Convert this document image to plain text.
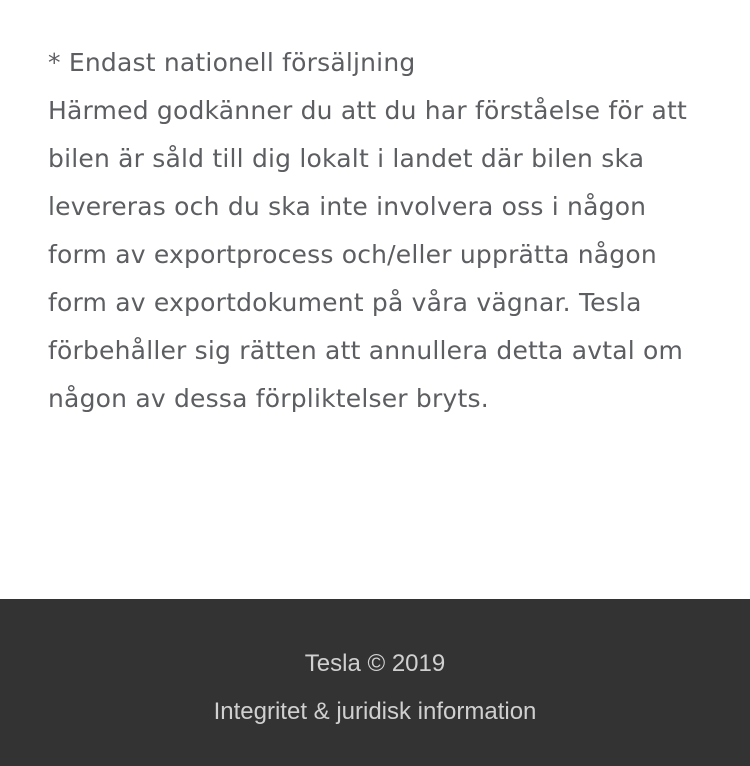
* Endast nationell försäljning

Härmed godkänner du att du har förståelse för att bilen är såld till dig lokalt i landet där bilen ska levereras och du ska inte involvera oss i någon form av exportprocess och/eller upprätta någon form av exportdokument på våra vägnar. Tesla förbehåller sig rätten att annullera detta avtal om någon av dessa förpliktelser bryts.

Tesla © 2019
Integritet & juridisk information
